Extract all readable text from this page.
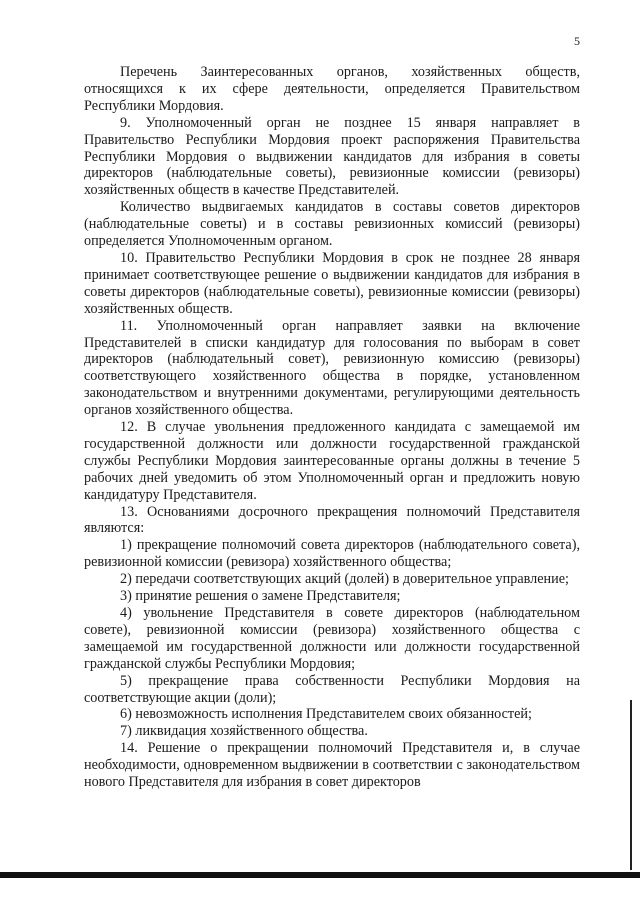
5

Перечень Заинтересованных органов, хозяйственных обществ, относящихся к их сфере деятельности, определяется Правительством Республики Мордовия.

9. Уполномоченный орган не позднее 15 января направляет в Правительство Республики Мордовия проект распоряжения Правительства Республики Мордовия о выдвижении кандидатов для избрания в советы директоров (наблюдательные советы), ревизионные комиссии (ревизоры) хозяйственных обществ в качестве Представителей.

Количество выдвигаемых кандидатов в составы советов директоров (наблюдательные советы) и в составы ревизионных комиссий (ревизоры) определяется Уполномоченным органом.

10. Правительство Республики Мордовия в срок не позднее 28 января принимает соответствующее решение о выдвижении кандидатов для избрания в советы директоров (наблюдательные советы), ревизионные комиссии (ревизоры) хозяйственных обществ.

11. Уполномоченный орган направляет заявки на включение Представителей в списки кандидатур для голосования по выборам в совет директоров (наблюдательный совет), ревизионную комиссию (ревизоры) соответствующего хозяйственного общества в порядке, установленном законодательством и внутренними документами, регулирующими деятельность органов хозяйственного общества.

12. В случае увольнения предложенного кандидата с замещаемой им государственной должности или должности государственной гражданской службы Республики Мордовия заинтересованные органы должны в течение 5 рабочих дней уведомить об этом Уполномоченный орган и предложить новую кандидатуру Представителя.

13. Основаниями досрочного прекращения полномочий Представителя являются:

1) прекращение полномочий совета директоров (наблюдательного совета), ревизионной комиссии (ревизора) хозяйственного общества;

2) передачи соответствующих акций (долей) в доверительное управление;

3) принятие решения о замене Представителя;

4) увольнение Представителя в совете директоров (наблюдательном совете), ревизионной комиссии (ревизора) хозяйственного общества с замещаемой им государственной должности или должности государственной гражданской службы Республики Мордовия;

5) прекращение права собственности Республики Мордовия на соответствующие акции (доли);

6) невозможность исполнения Представителем своих обязанностей;

7) ликвидация хозяйственного общества.

14. Решение о прекращении полномочий Представителя и, в случае необходимости, одновременном выдвижении в соответствии с законодательством нового Представителя для избрания в совет директоров
